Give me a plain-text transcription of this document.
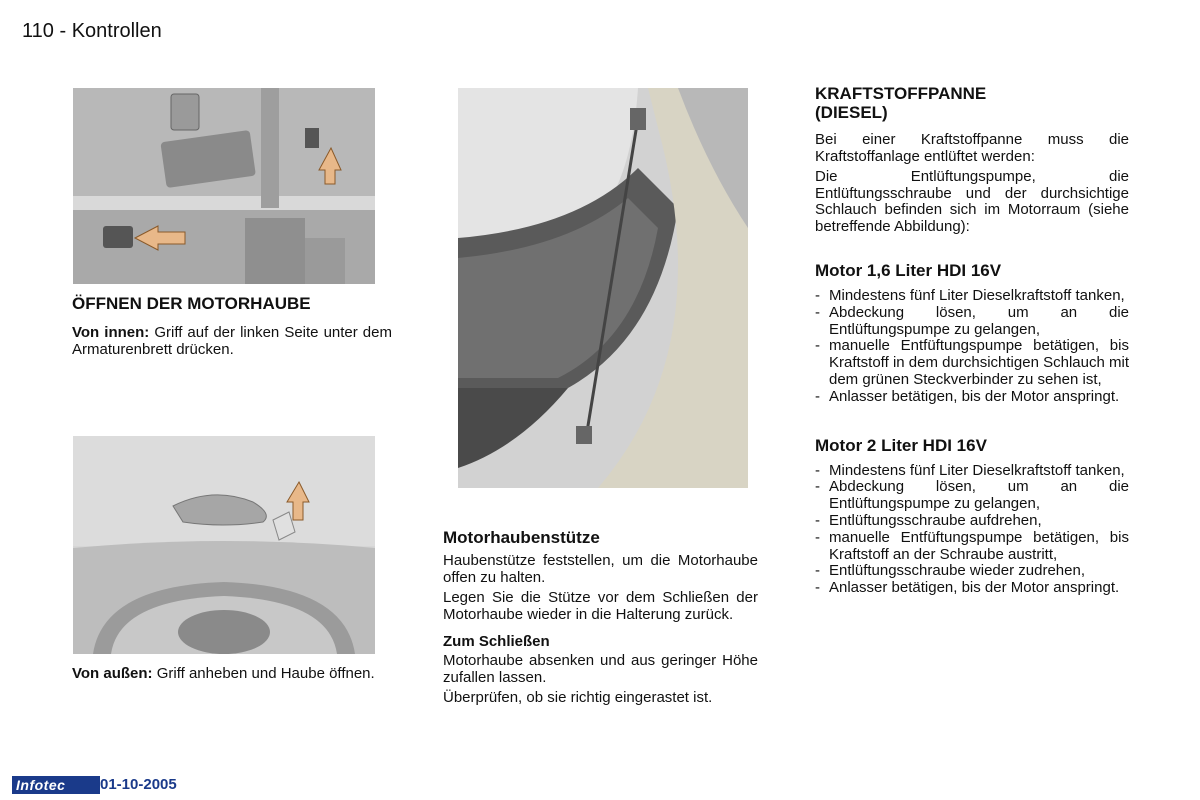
110 - Kontrollen
ÖFFNEN DER MOTORHAUBE

Von innen: Griff auf der linken Seite unter dem Armaturenbrett drücken.

Von außen: Griff anheben und Haube öffnen.

Motorhaubenstütze

Haubenstütze feststellen, um die Motorhaube offen zu halten.

Legen Sie die Stütze vor dem Schließen der Motorhaube wieder in die Halterung zurück.

Zum Schließen

Motorhaube absenken und aus geringer Höhe zufallen lassen.

Überprüfen, ob sie richtig eingerastet ist.

KRAFTSTOFFPANNE
(DIESEL)

Bei einer Kraftstoffpanne muss die Kraftstoffanlage entlüftet werden:

Die Entlüftungspumpe, die Entlüftungsschraube und der durchsichtige Schlauch befinden sich im Motorraum (siehe betreffende Abbildung):

Motor 1,6 Liter HDI 16V
- Mindestens fünf Liter Dieselkraftstoff tanken,
- Abdeckung lösen, um an die Entlüftungspumpe zu gelangen,
- manuelle Entfüftungspumpe betätigen, bis Kraftstoff in dem durchsichtigen Schlauch mit dem grünen Steckverbinder zu sehen ist,
- Anlasser betätigen, bis der Motor anspringt.
Motor 2 Liter HDI 16V
- Mindestens fünf Liter Dieselkraftstoff tanken,
- Abdeckung lösen, um an die Entlüftungspumpe zu gelangen,
- Entlüftungsschraube aufdrehen,
- manuelle Entfüftungspumpe betätigen, bis Kraftstoff an der Schraube austritt,
- Entlüftungsschraube wieder zudrehen,
- Anlasser betätigen, bis der Motor anspringt.
Infotec	01-10-2005
